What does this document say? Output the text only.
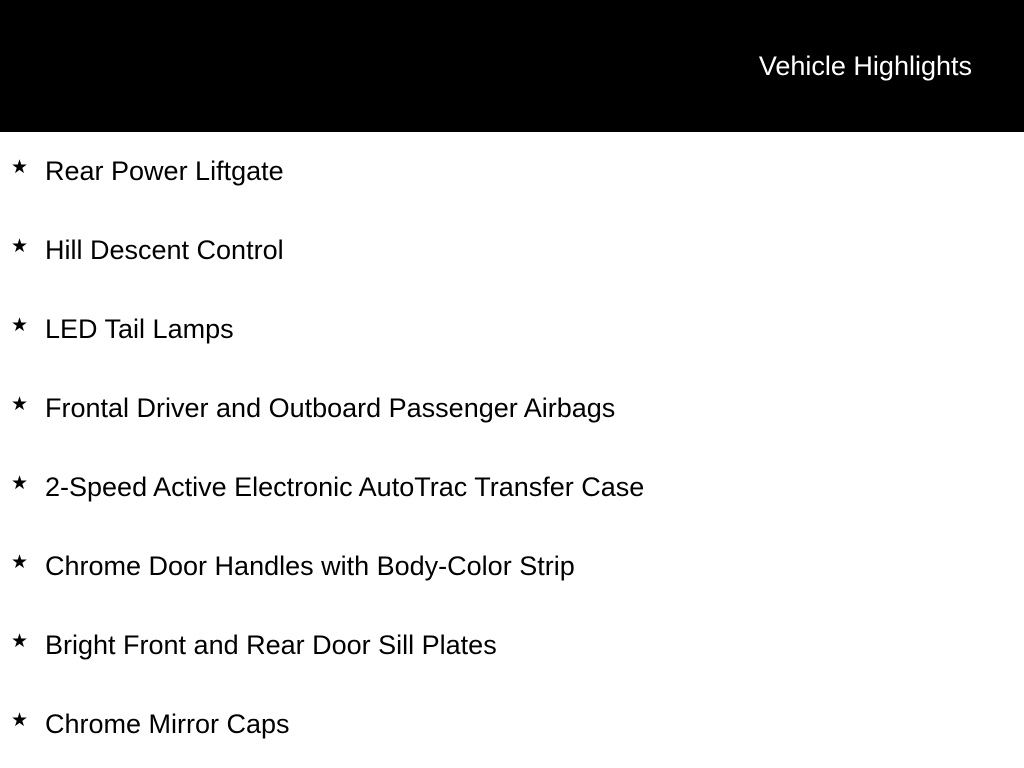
Vehicle Highlights
★ Rear Power Liftgate
★ Hill Descent Control
★ LED Tail Lamps
★ Frontal Driver and Outboard Passenger Airbags
★ 2-Speed Active Electronic AutoTrac Transfer Case
★ Chrome Door Handles with Body-Color Strip
★ Bright Front and Rear Door Sill Plates
★ Chrome Mirror Caps
